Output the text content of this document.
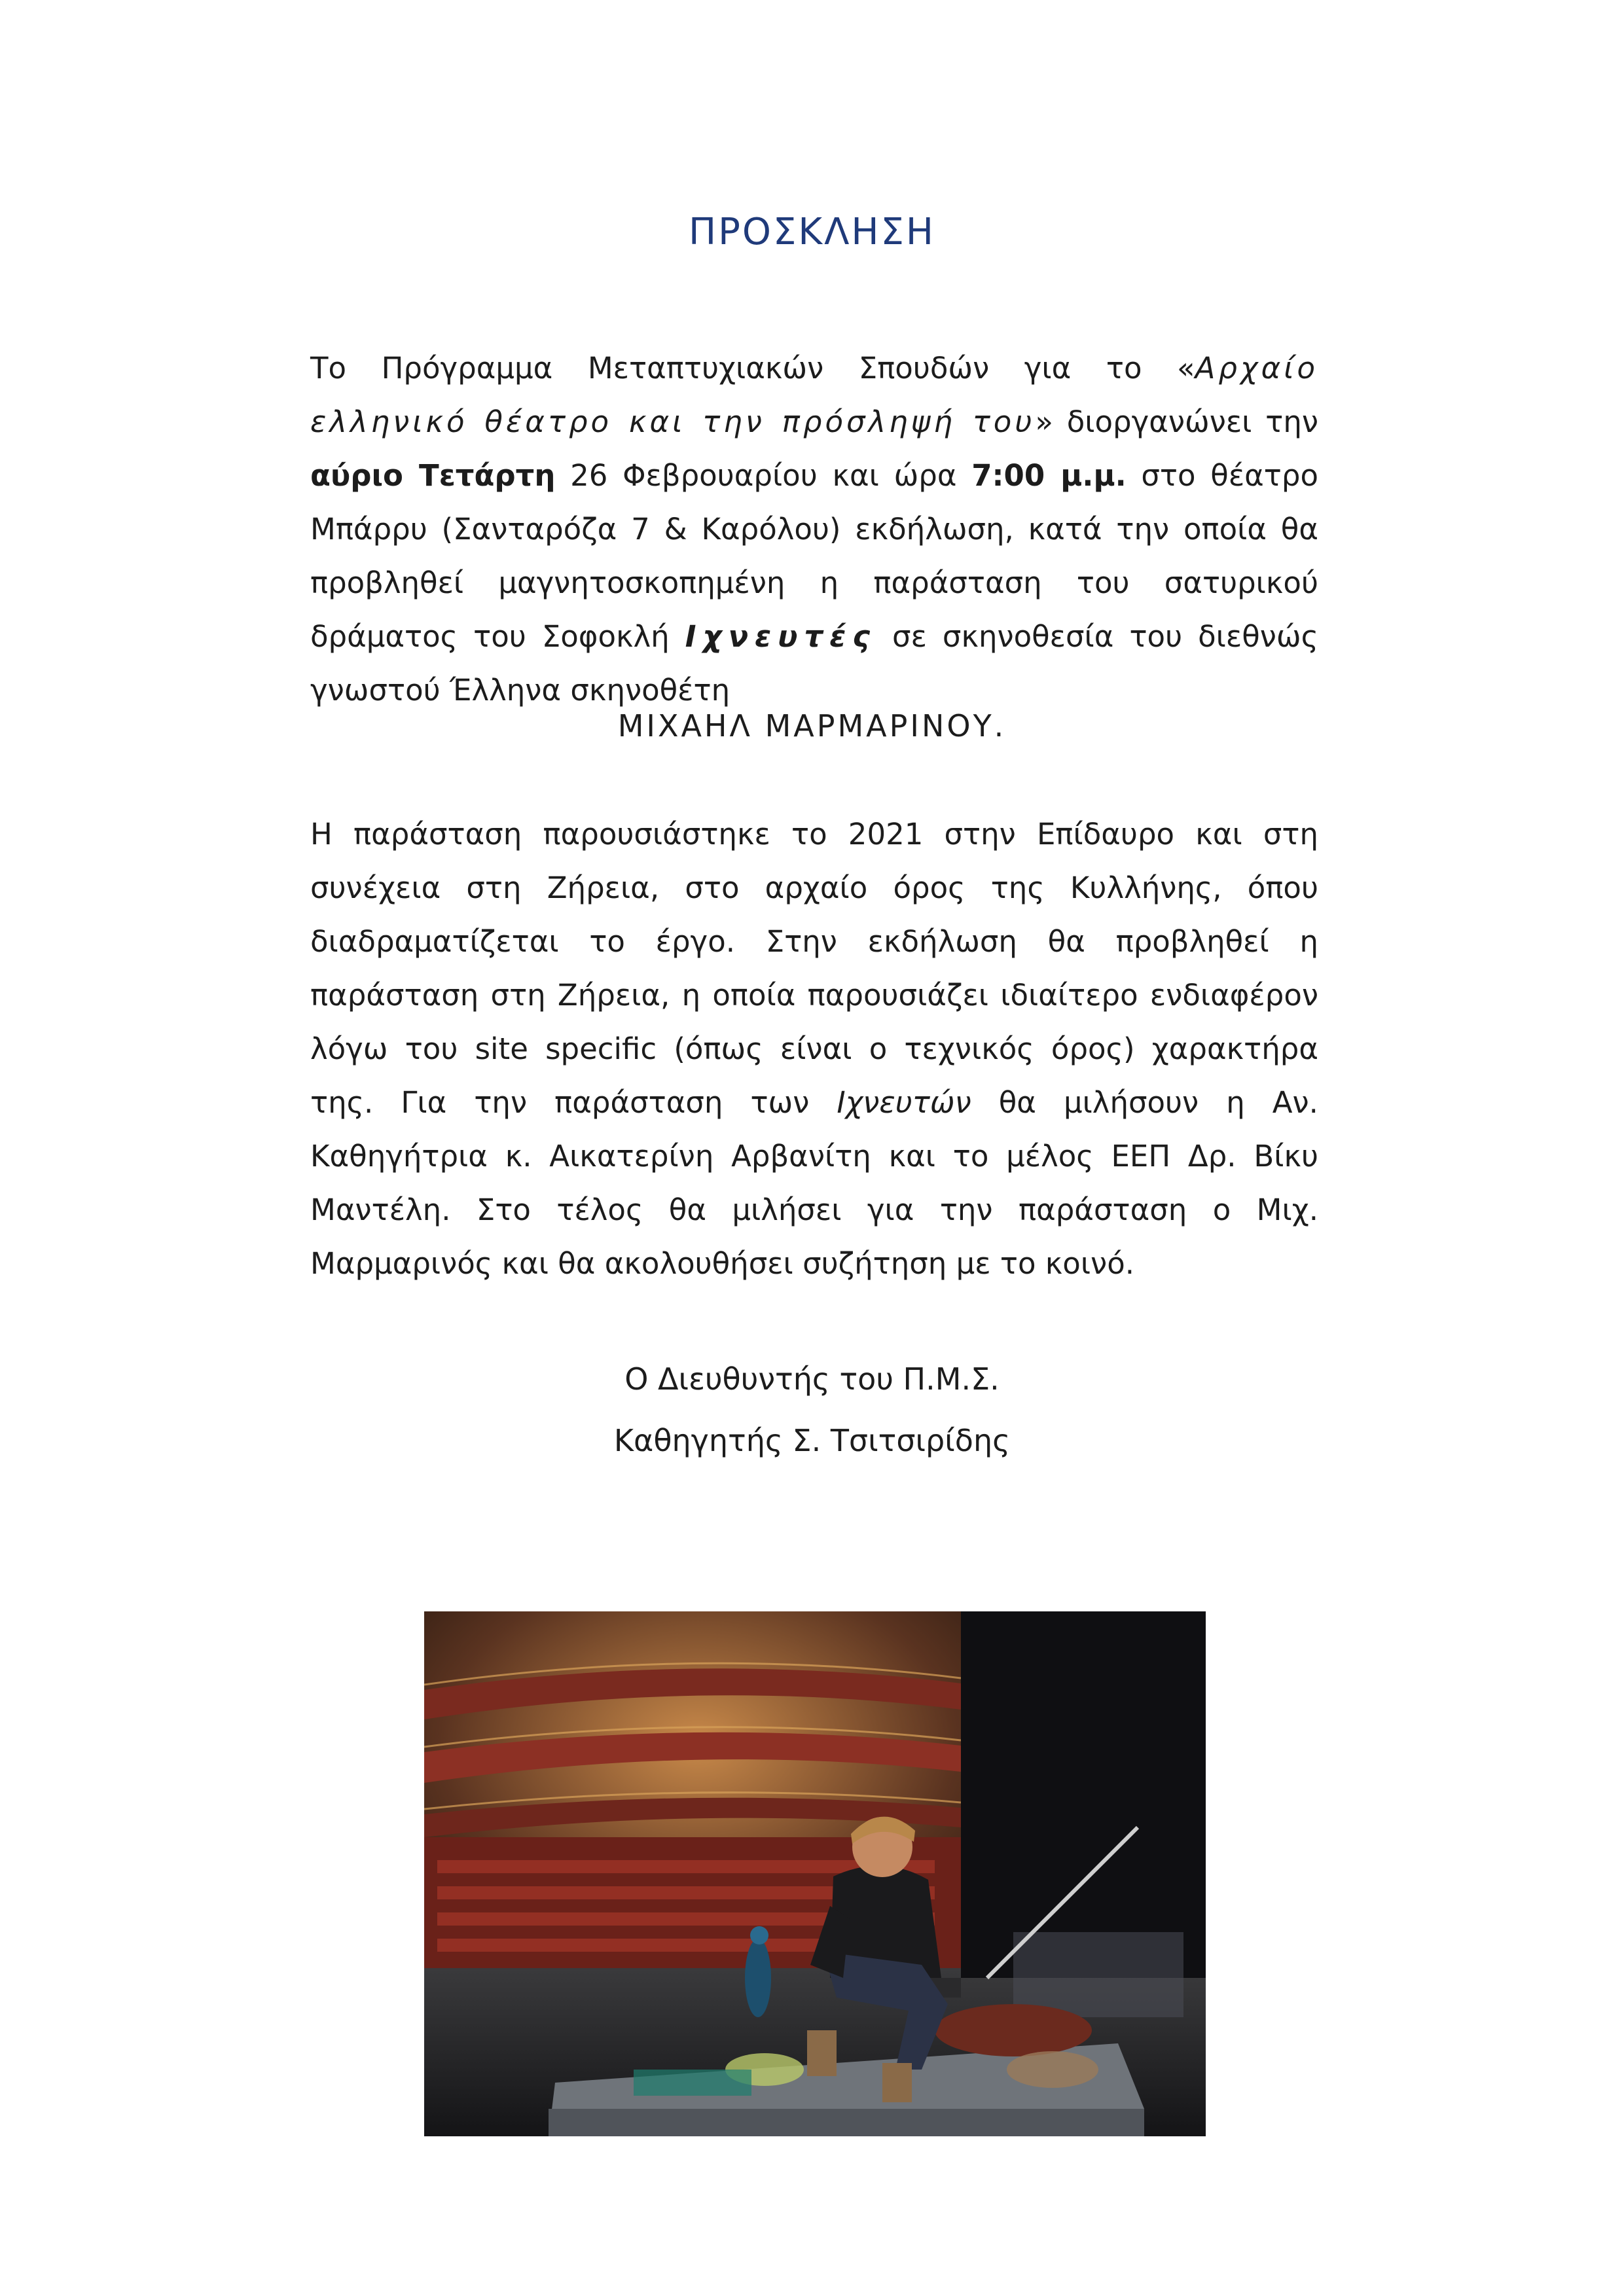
ΠΡΟΣΚΛΗΣΗ
Το Πρόγραμμα Μεταπτυχιακών Σπουδών για το «Αρχαίο ελληνικό θέατρο και την πρόσληψή του» διοργανώνει την αύριο Τετάρτη 26 Φεβρουαρίου και ώρα 7:00 μ.μ. στο θέατρο Μπάρρυ (Σανταρόζα 7 & Καρόλου) εκδήλωση, κατά την οποία θα προβληθεί μαγνητοσκοπημένη η παράσταση του σατυρικού δράματος του Σοφοκλή Ιχνευτές σε σκηνοθεσία του διεθνώς γνωστού Έλληνα σκηνοθέτη
ΜΙΧΑΗΛ ΜΑΡΜΑΡΙΝΟΥ.
Η παράσταση παρουσιάστηκε το 2021 στην Επίδαυρο και στη συνέχεια στη Ζήρεια, στο αρχαίο όρος της Κυλλήνης, όπου διαδραματίζεται το έργο. Στην εκδήλωση θα προβληθεί η παράσταση στη Ζήρεια, η οποία παρουσιάζει ιδιαίτερο ενδιαφέρον λόγω του site specific (όπως είναι ο τεχνικός όρος) χαρακτήρα της. Για την παράσταση των Ιχνευτών θα μιλήσουν η Αν. Καθηγήτρια κ. Αικατερίνη Αρβανίτη και το μέλος ΕΕΠ Δρ. Βίκυ Μαντέλη. Στο τέλος θα μιλήσει για την παράσταση ο Μιχ. Μαρμαρινός και θα ακολουθήσει συζήτηση με το κοινό.
Ο Διευθυντής του Π.Μ.Σ.
Καθηγητής Σ. Τσιτσιρίδης
